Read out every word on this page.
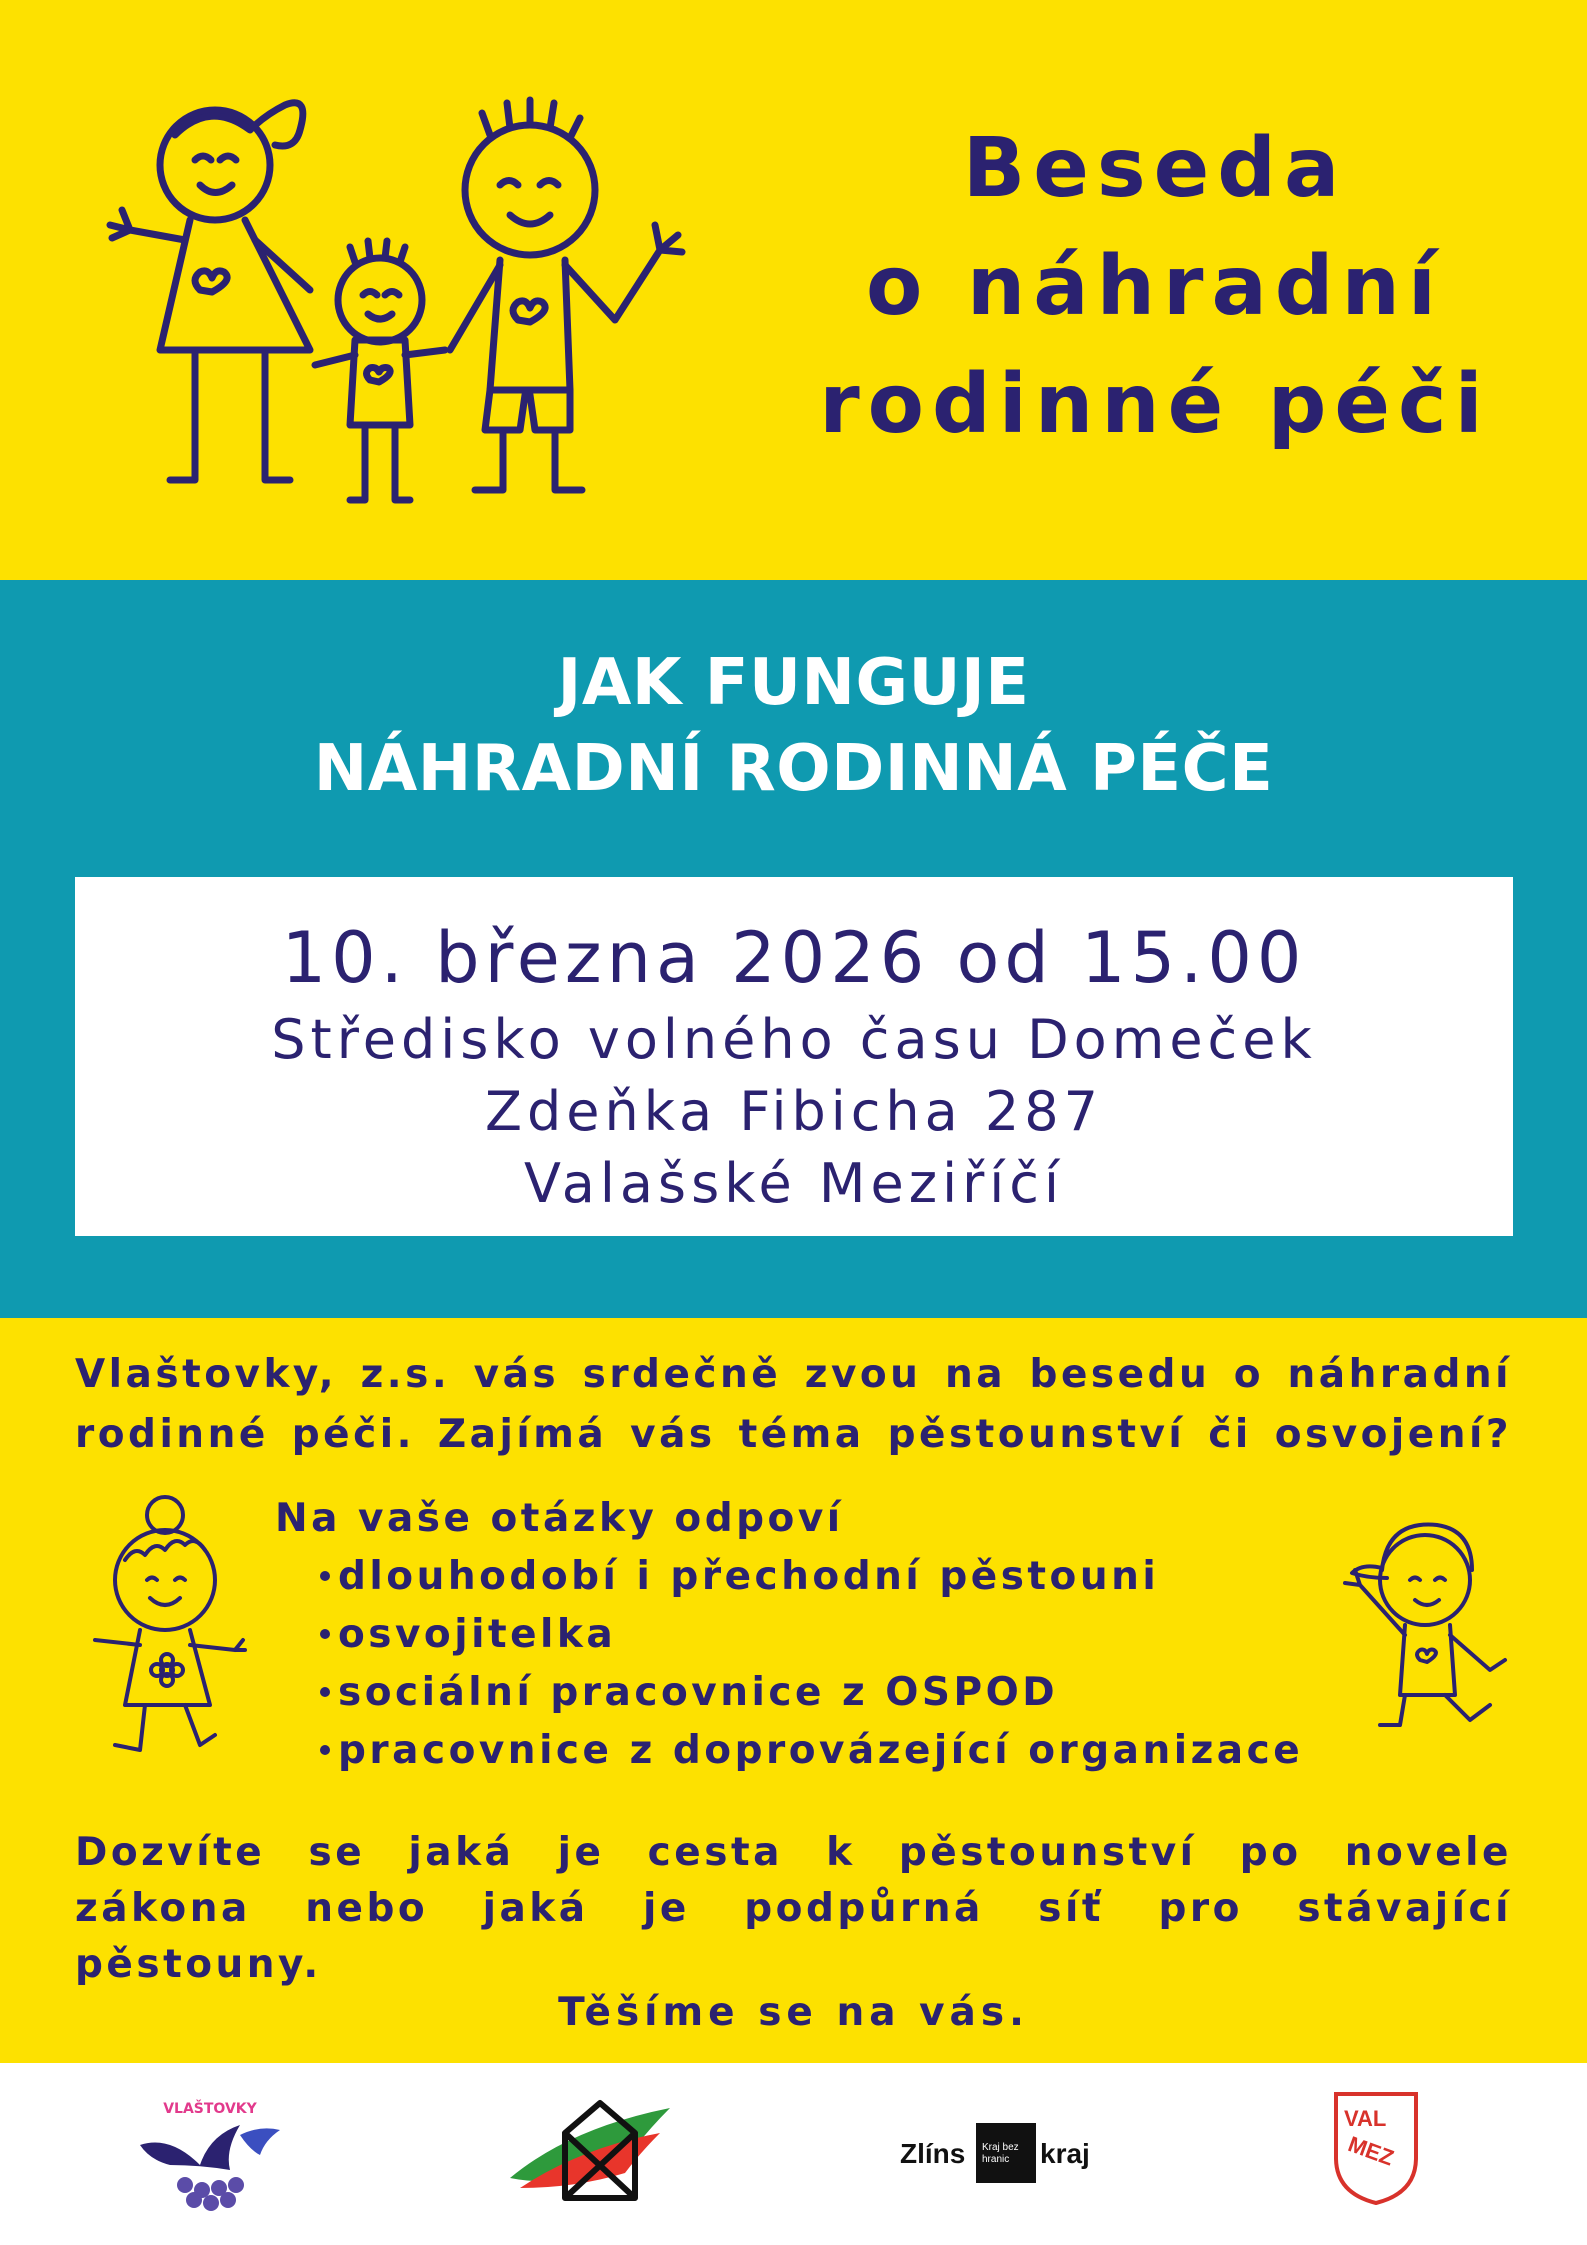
Beseda
o náhradní
rodinné péči
JAK FUNGUJE
NÁHRADNÍ RODINNÁ PÉČE
10. března 2026 od 15.00
Středisko volného času Domeček
Zdeňka Fibicha 287
Valašské Meziříčí
Vlaštovky, z.s. vás srdečně zvou na besedu o náhradní
rodinné péči. Zajímá vás téma pěstounství či osvojení?
Na vaše otázky odpoví
dlouhodobí i přechodní pěstouni
osvojitelka
sociální pracovnice z OSPOD
pracovnice z doprovázející organizace
Dozvíte se jaká je cesta k pěstounství po novele
zákona nebo jaká je podpůrná síť pro stávající
pěstouny.
Těšíme se na vás.
VLAŠTOVKY
Zlíns	kraj
Kraj bez
hranic
VAL
MEZ
